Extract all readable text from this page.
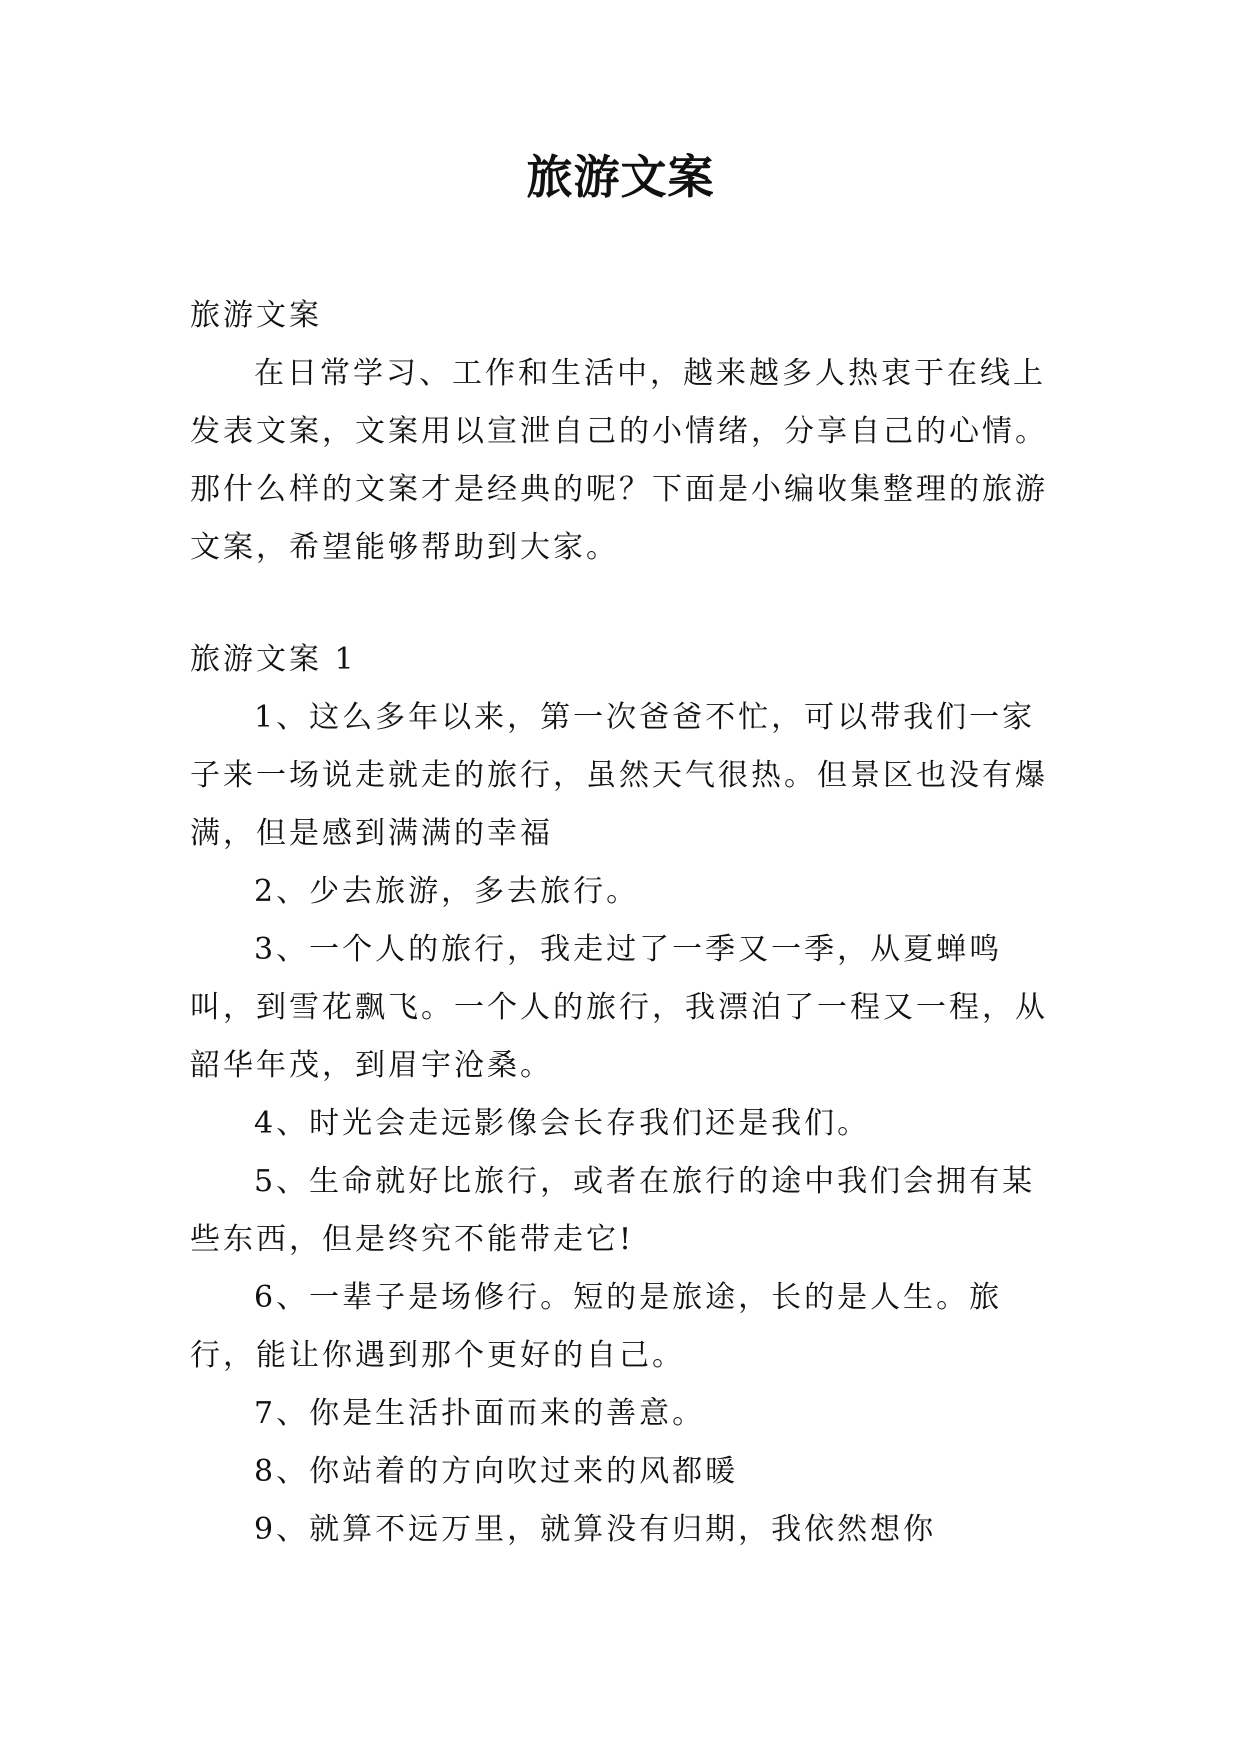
旅游文案

旅游文案

在日常学习、工作和生活中，越来越多人热衷于在线上发表文案，文案用以宣泄自己的小情绪，分享自己的心情。那什么样的文案才是经典的呢？下面是小编收集整理的旅游文案，希望能够帮助到大家。

旅游文案 1

1、这么多年以来，第一次爸爸不忙，可以带我们一家子来一场说走就走的旅行，虽然天气很热。但景区也没有爆满，但是感到满满的幸福

2、少去旅游，多去旅行。

3、一个人的旅行，我走过了一季又一季，从夏蝉鸣叫，到雪花飘飞。一个人的旅行，我漂泊了一程又一程，从韶华年茂，到眉宇沧桑。

4、时光会走远影像会长存我们还是我们。

5、生命就好比旅行，或者在旅行的途中我们会拥有某些东西，但是终究不能带走它!

6、一辈子是场修行。短的是旅途，长的是人生。旅行，能让你遇到那个更好的自己。

7、你是生活扑面而来的善意。

8、你站着的方向吹过来的风都暖

9、就算不远万里，就算没有归期，我依然想你
